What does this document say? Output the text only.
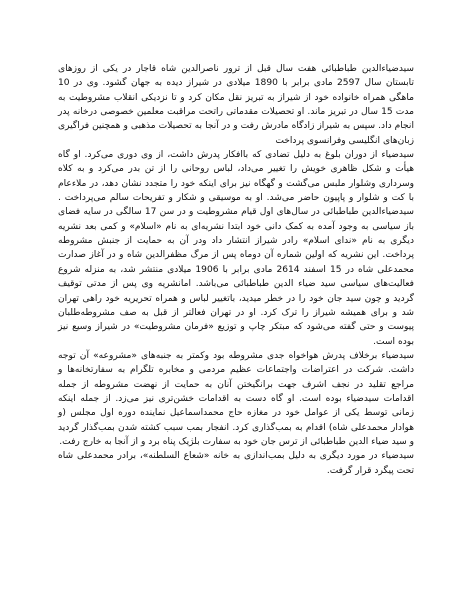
سیدضیاءالدین طباطبائی هفت سال قبل از ترور ناصرالدین شاه قاجار در یکی از روزهای تابستان سال 2597 مادی برابر با 1890 میلادی در شیراز دیده به جهان گشود. وی در 10 ماهگی همراه خانواده خود از شیراز به تبریز نقل مکان کرد و تا نزدیکی انقلاب مشروطیت به مدت 15 سال در تبریز ماند. او تحصیلات مقدماتی راتحت مراقبت معلمین خصوصی درخانه پدر انجام داد. سپس به شیراز زادگاه مادرش رفت و در آنجا به تحصیلات مذهبی و همچنین فراگیری زبان‌های انگلیسی وفرانسوی پرداخت

سیدضیاء از دوران بلوغ به دلیل تضادی که باافکار پدرش داشت، از وی دوری می‌کرد. او گاه هیأت و شکل ظاهری خویش را تغییر می‌داد، لباس روحانی را از تن بدر می‌کرد و به کلاه وسرداری وشلوار ملبس می‌گشت و گهگاه نیز برای اینکه خود را متجدد نشان دهد، در ملاءعام با کت و شلوار و پاپیون حاضر می‌شد. او به موسیقی و شکار و تفریحات سالم می‌پرداخت . سیدضیاءالدین طباطبائی در سال‌های اول قیام مشروطیت و در سن 17 سالگی در سایه فضای باز سیاسی به وجود آمده به کمک دانی خود ابتدا نشریه‌ای به نام «اسلام» و کمی بعد نشریه دیگری به نام «ندای اسلام» رادر شیراز انتشار داد ودر آن به حمایت از جنبش مشروطه پرداخت. این نشریه که اولین شماره آن دوماه پس از مرگ مظفرالدین شاه و در آغاز صدارت محمدعلی شاه در 15 اسفند 2614 مادی برابر با 1906 میلادی منتشر شد، به منزله شروع فعالیت‌های سیاسی سید ضیاء الدین طباطبائی می‌باشد. امانشریه وی پس از مدتی توقیف گردید و چون سید جان خود را در خطر میدید، باتغییر لباس و همراه تحریریه خود راهی تهران شد و برای همیشه شیراز را ترک کرد. او در تهران فعالتر از قبل به صف مشروطه‌طلبان پیوست و حتی گفته می‌شود که مبتکر چاپ و توزیع «فرمان مشروطیت» در شیراز وسیع نیز بوده است.

سیدضیاء برخلاف پدرش هواخواه جدی مشروطه بود وکمتر به جنبه‌های «مشروعه» آن توجه داشت. شرکت در اعتراضات واجتماعات عظیم مردمی و مخابره تلگرام به سفارتخانه‌ها و مراجع تقلید در نجف اشرف جهت برانگیختن آنان به حمایت از نهضت مشروطه از جمله اقدامات سیدضیاء بوده است. او گاه دست به اقدامات خشن‌تری نیز می‌زد. از جمله اینکه زمانی توسط یکی از عوامل خود در مغازه حاج محمداسماعیل نماینده دوره اول مجلس (و هوادار محمدعلی شاه) اقدام به بمب‌گذاری کرد. انفجار بمب سبب کشته شدن بمب‌گذار گردید و سید ضیاء الدین طباطبائی از ترس جان خود به سفارت بلژیک پناه برد و از آنجا به خارج رفت.

سیدضیاء در مورد دیگری به دلیل بمب‌اندازی به خانه «شعاع السلطنه»، برادر محمدعلی شاه تحت پیگرد قرار گرفت.
